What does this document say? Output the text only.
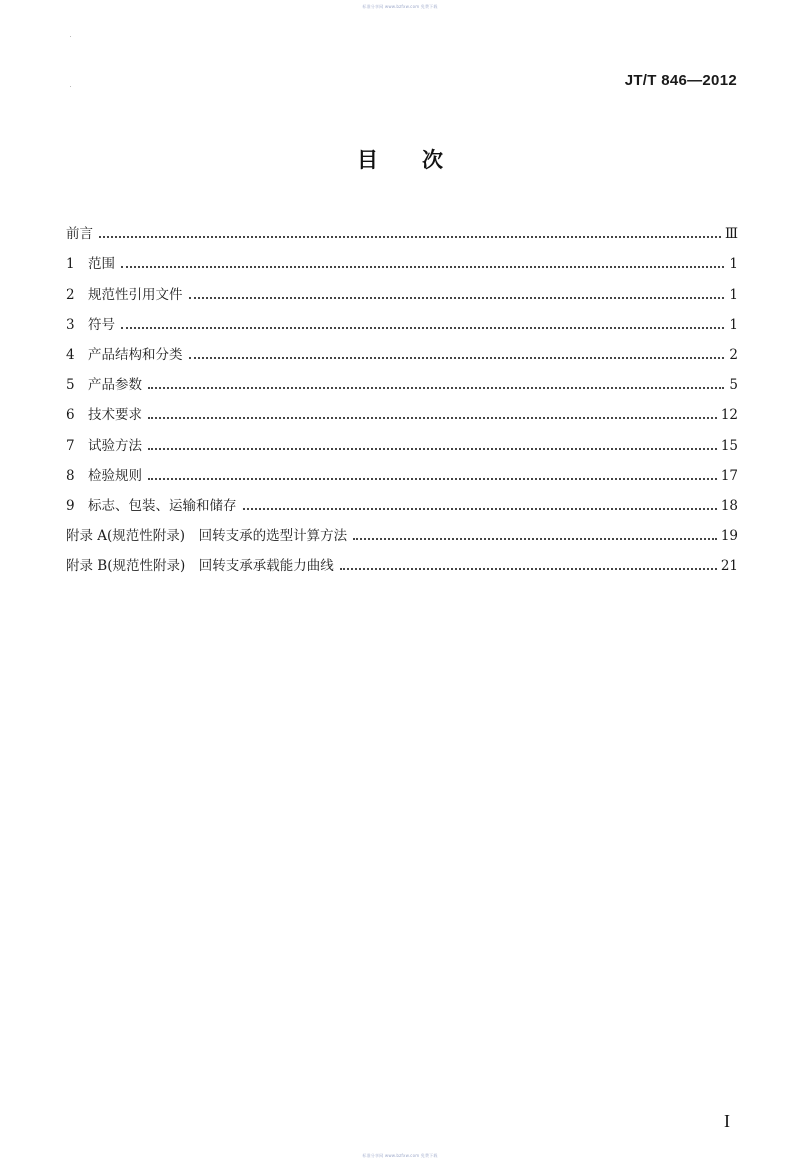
标准分享网 www.bzfxw.com 免费下载
JT/T 846—2012
目次
前言	Ⅲ
1 范围	1
2 规范性引用文件	1
3 符号	1
4 产品结构和分类	2
5 产品参数	5
6 技术要求	12
7 试验方法	15
8 检验规则	17
9 标志、包装、运输和储存	18
附录 A(规范性附录)　回转支承的选型计算方法	19
附录 B(规范性附录)　回转支承承载能力曲线	21
I
标准分享网 www.bzfxw.com 免费下载
